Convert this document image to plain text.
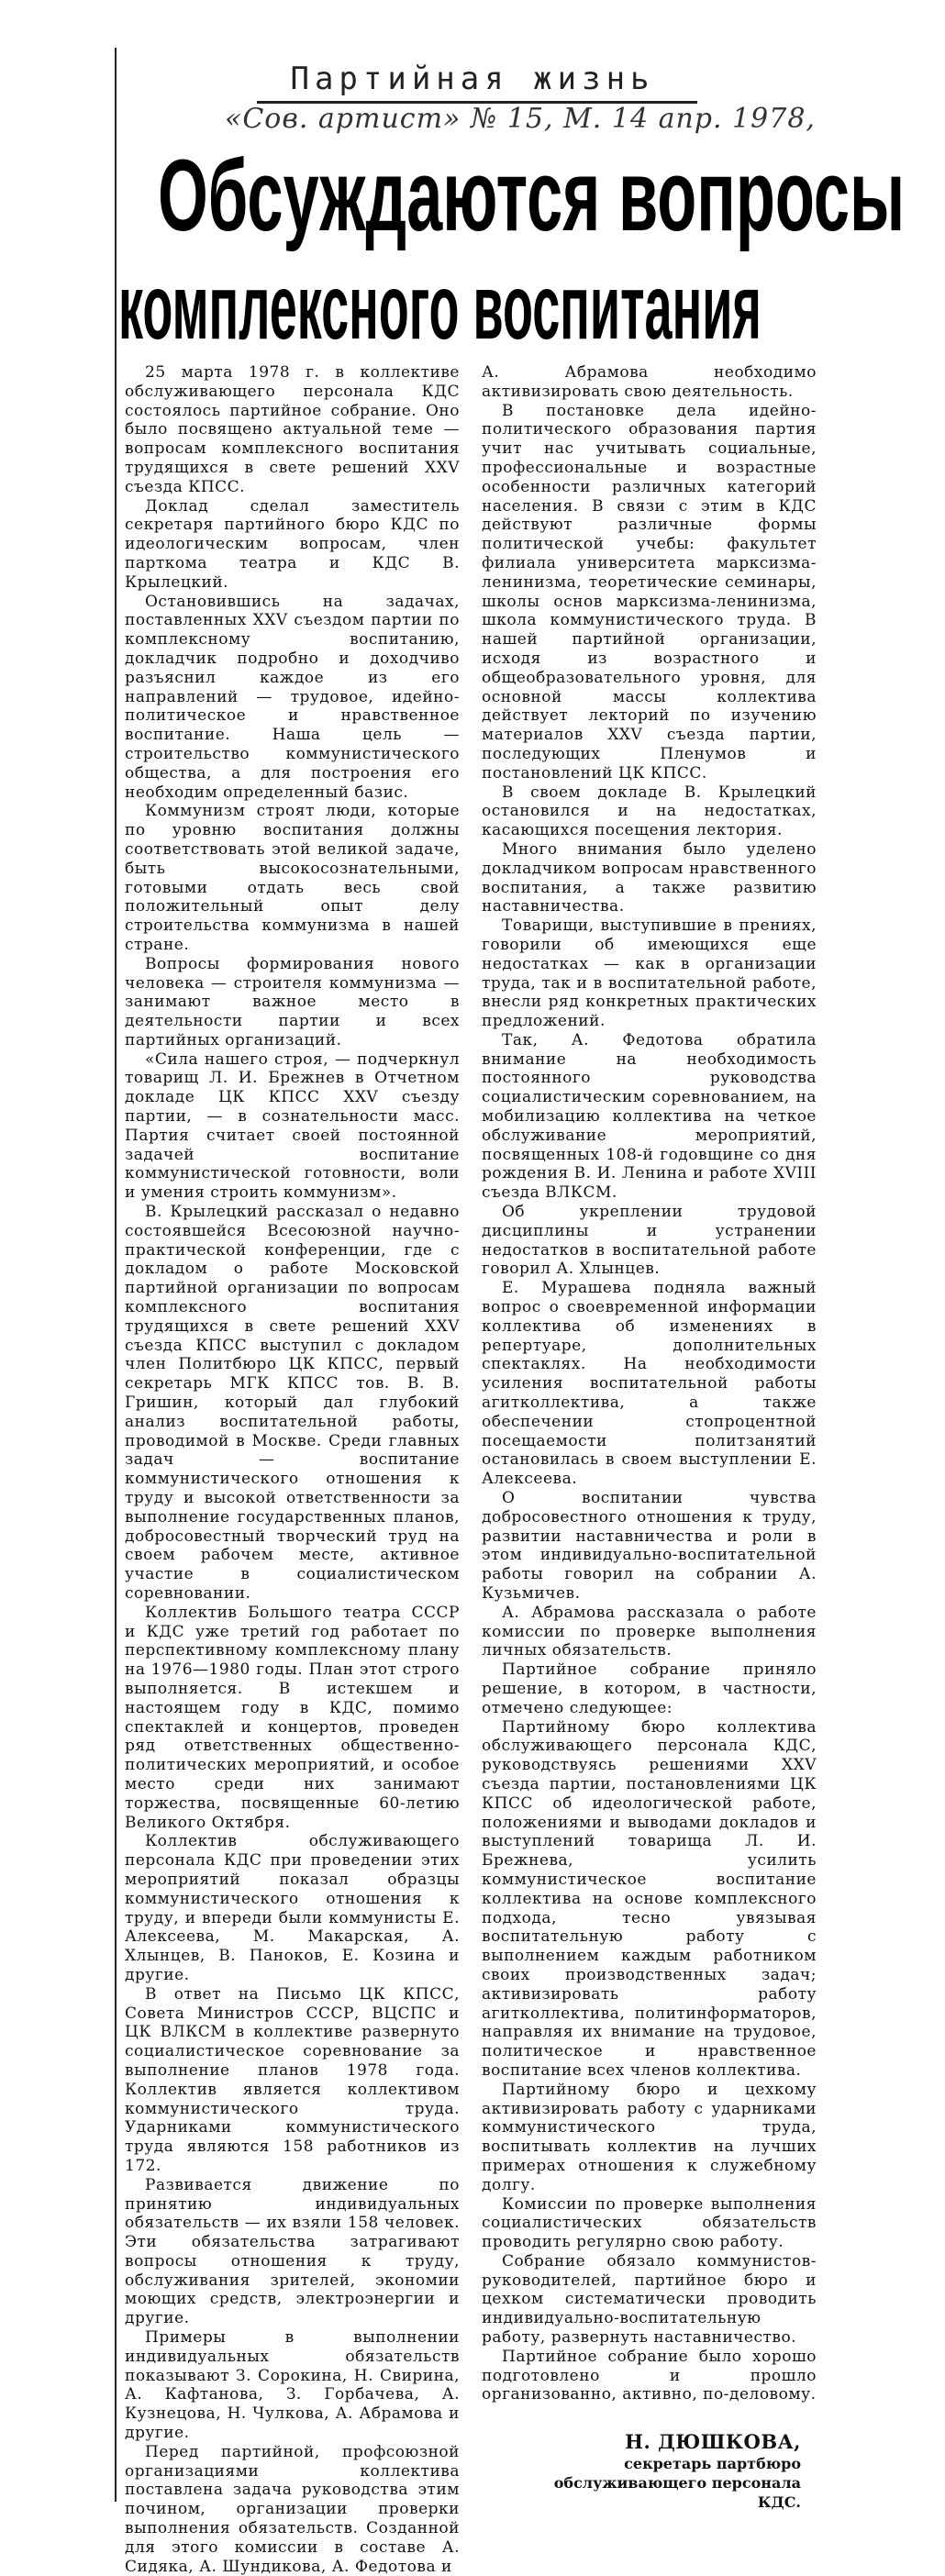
Партийная жизнь
«Сов. артист» № 15, М. 14 апр. 1978,
Обсуждаются вопросы
комплексного воспитания

25 марта 1978 г. в коллективе обслуживающего персонала КДС состоялось партийное собрание. Оно было посвящено актуальной теме — вопросам комплексного воспитания трудящихся в свете решений XXV съезда КПСС.

Доклад сделал заместитель секретаря партийного бюро КДС по идеологическим вопросам, член парткома театра и КДС В. Крылецкий.

Остановившись на задачах, поставленных XXV съездом партии по комплексному воспитанию, докладчик подробно и доходчиво разъяснил каждое из его направлений — трудовое, идейно-политическое и нравственное воспитание. Наша цель — строительство коммунистического общества, а для построения его необходим определенный базис.

Коммунизм строят люди, которые по уровню воспитания должны соответствовать этой великой задаче, быть высокосознательными, готовыми отдать весь свой положительный опыт делу строительства коммунизма в нашей стране.

Вопросы формирования нового человека — строителя коммунизма — занимают важное место в деятельности партии и всех партийных организаций.

«Сила нашего строя, — подчеркнул товарищ Л. И. Брежнев в Отчетном докладе ЦК КПСС XXV съезду партии, — в сознательности масс. Партия считает своей постоянной задачей воспитание коммунистической готовности, воли и умения строить коммунизм».

В. Крылецкий рассказал о недавно состоявшейся Всесоюзной научно-практической конференции, где с докладом о работе Московской партийной организации по вопросам комплексного воспитания трудящихся в свете решений XXV съезда КПСС выступил с докладом член Политбюро ЦК КПСС, первый секретарь МГК КПСС тов. В. В. Гришин, который дал глубокий анализ воспитательной работы, проводимой в Москве. Среди главных задач — воспитание коммунистического отношения к труду и высокой ответственности за выполнение государственных планов, добросовестный творческий труд на своем рабочем месте, активное участие в социалистическом соревновании.

Коллектив Большого театра СССР и КДС уже третий год работает по перспективному комплексному плану на 1976—1980 годы. План этот строго выполняется. В истекшем и настоящем году в КДС, помимо спектаклей и концертов, проведен ряд ответственных общественно-политических мероприятий, и особое место среди них занимают торжества, посвященные 60-летию Великого Октября.

Коллектив обслуживающего персонала КДС при проведении этих мероприятий показал образцы коммунистического отношения к труду, и впереди были коммунисты Е. Алексеева, М. Макарская, А. Хлынцев, В. Паноков, Е. Козина и другие.

В ответ на Письмо ЦК КПСС, Совета Министров СССР, ВЦСПС и ЦК ВЛКСМ в коллективе развернуто социалистическое соревнование за выполнение планов 1978 года. Коллектив является коллективом коммунистического труда. Ударниками коммунистического труда являются 158 работников из 172.

Развивается движение по принятию индивидуальных обязательств — их взяли 158 человек. Эти обязательства затрагивают вопросы отношения к труду, обслуживания зрителей, экономии моющих средств, электроэнергии и другие.

Примеры в выполнении индивидуальных обязательств показывают З. Сорокина, Н. Свирина, А. Кафтанова, З. Горбачева, А. Кузнецова, Н. Чулкова, А. Абрамова и другие.

Перед партийной, профсоюзной организациями коллектива поставлена задача руководства этим почином, организации проверки выполнения обязательств. Созданной для этого комиссии в составе А. Сидяка, А. Шундикова, А. Федотова и

А. Абрамова необходимо активизировать свою деятельность.

В постановке дела идейно-политического образования партия учит нас учитывать социальные, профессиональные и возрастные особенности различных категорий населения. В связи с этим в КДС действуют различные формы политической учебы: факультет филиала университета марксизма-ленинизма, теоретические семинары, школы основ марксизма-ленинизма, школа коммунистического труда. В нашей партийной организации, исходя из возрастного и общеобразовательного уровня, для основной массы коллектива действует лекторий по изучению материалов XXV съезда партии, последующих Пленумов и постановлений ЦК КПСС.

В своем докладе В. Крылецкий остановился и на недостатках, касающихся посещения лектория.

Много внимания было уделено докладчиком вопросам нравственного воспитания, а также развитию наставничества.

Товарищи, выступившие в прениях, говорили об имеющихся еще недостатках — как в организации труда, так и в воспитательной работе, внесли ряд конкретных практических предложений.

Так, А. Федотова обратила внимание на необходимость постоянного руководства социалистическим соревнованием, на мобилизацию коллектива на четкое обслуживание мероприятий, посвященных 108-й годовщине со дня рождения В. И. Ленина и работе XVIII съезда ВЛКСМ.

Об укреплении трудовой дисциплины и устранении недостатков в воспитательной работе говорил А. Хлынцев.

Е. Мурашева подняла важный вопрос о своевременной информации коллектива об изменениях в репертуаре, дополнительных спектаклях. На необходимости усиления воспитательной работы агитколлектива, а также обеспечении стопроцентной посещаемости политзанятий остановилась в своем выступлении Е. Алексеева.

О воспитании чувства добросовестного отношения к труду, развитии наставничества и роли в этом индивидуально-воспитательной работы говорил на собрании А. Кузьмичев.

А. Абрамова рассказала о работе комиссии по проверке выполнения личных обязательств.

Партийное собрание приняло решение, в котором, в частности, отмечено следующее:

Партийному бюро коллектива обслуживающего персонала КДС, руководствуясь решениями XXV съезда партии, постановлениями ЦК КПСС об идеологической работе, положениями и выводами докладов и выступлений товарища Л. И. Брежнева, усилить коммунистическое воспитание коллектива на основе комплексного подхода, тесно увязывая воспитательную работу с выполнением каждым работником своих производственных задач; активизировать работу агитколлектива, политинформаторов, направляя их внимание на трудовое, политическое и нравственное воспитание всех членов коллектива.

Партийному бюро и цехкому активизировать работу с ударниками коммунистического труда, воспитывать коллектив на лучших примерах отношения к служебному долгу.

Комиссии по проверке выполнения социалистических обязательств проводить регулярно свою работу.

Собрание обязало коммунистов-руководителей, партийное бюро и цехком систематически проводить индивидуально-воспитательную работу, развернуть наставничество.

Партийное собрание было хорошо подготовлено и прошло организованно, активно, по-деловому.

Н. ДЮШКОВА,
секретарь партбюро
обслуживающего персонала
КДС.
